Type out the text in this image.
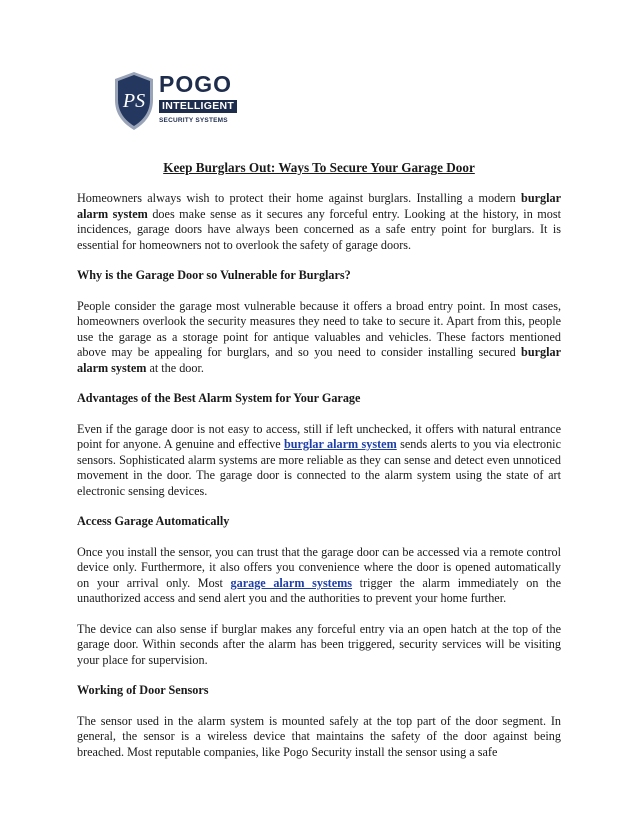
PS
POGO
INTELLIGENT
SECURITY SYSTEMS
Keep Burglars Out: Ways To Secure Your Garage Door

Homeowners always wish to protect their home against burglars. Installing a modern burglar alarm system does make sense as it secures any forceful entry. Looking at the history, in most incidences, garage doors have always been concerned as a safe entry point for burglars. It is essential for homeowners not to overlook the safety of garage doors.

Why is the Garage Door so Vulnerable for Burglars?

People consider the garage most vulnerable because it offers a broad entry point. In most cases, homeowners overlook the security measures they need to take to secure it. Apart from this, people use the garage as a storage point for antique valuables and vehicles. These factors mentioned above may be appealing for burglars, and so you need to consider installing secured burglar alarm system at the door.

Advantages of the Best Alarm System for Your Garage

Even if the garage door is not easy to access, still if left unchecked, it offers with natural entrance point for anyone. A genuine and effective burglar alarm system sends alerts to you via electronic sensors. Sophisticated alarm systems are more reliable as they can sense and detect even unnoticed movement in the door. The garage door is connected to the alarm system using the state of art electronic sensing devices.

Access Garage Automatically

Once you install the sensor, you can trust that the garage door can be accessed via a remote control device only. Furthermore, it also offers you convenience where the door is opened automatically on your arrival only. Most garage alarm systems trigger the alarm immediately on the unauthorized access and send alert you and the authorities to prevent your home further.

The device can also sense if burglar makes any forceful entry via an open hatch at the top of the garage door. Within seconds after the alarm has been triggered, security services will be visiting your place for supervision.

Working of Door Sensors

The sensor used in the alarm system is mounted safely at the top part of the door segment. In general, the sensor is a wireless device that maintains the safety of the door against being breached. Most reputable companies, like Pogo Security install the sensor using a safe
